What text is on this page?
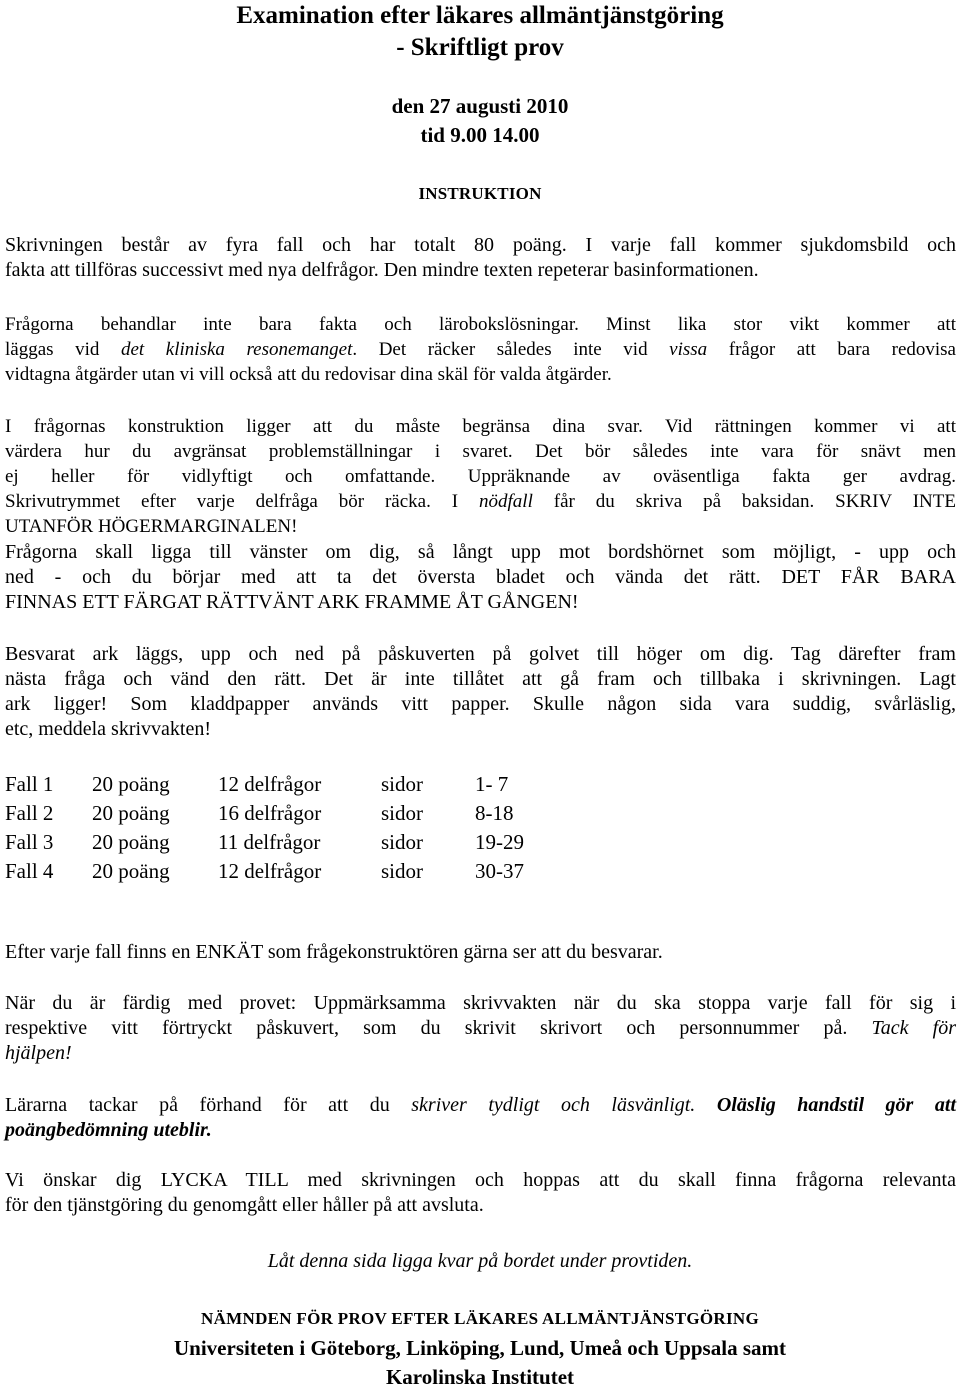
Examination efter läkares allmäntjänstgöring
- Skriftligt prov
den 27 augusti 2010
tid 9.00 14.00
INSTRUKTION
Skrivningen består av fyra fall och har totalt 80 poäng. I varje fall kommer sjukdomsbild och
fakta att tillföras successivt med nya delfrågor. Den mindre texten repeterar basinformationen.
Frågorna behandlar inte bara fakta och lärobokslösningar. Minst lika stor vikt kommer att
läggas vid det kliniska resonemanget. Det räcker således inte vid vissa frågor att bara redovisa
vidtagna åtgärder utan vi vill också att du redovisar dina skäl för valda åtgärder.
I frågornas konstruktion ligger att du måste begränsa dina svar. Vid rättningen kommer vi att
värdera hur du avgränsat problemställningar i svaret. Det bör således inte vara för snävt men
ej heller för vidlyftigt och omfattande. Uppräknande av oväsentliga fakta ger avdrag.
Skrivutrymmet efter varje delfråga bör räcka. I nödfall får du skriva på baksidan. SKRIV INTE
UTANFÖR HÖGERMARGINALEN!
Frågorna skall ligga till vänster om dig, så långt upp mot bordshörnet som möjligt, - upp och
ned - och du börjar med att ta det översta bladet och vända det rätt. DET FÅR BARA
FINNAS ETT FÄRGAT RÄTTVÄNT ARK FRAMME ÅT GÅNGEN!
Besvarat ark läggs, upp och ned på påskuverten på golvet till höger om dig. Tag därefter fram
nästa fråga och vänd den rätt. Det är inte tillåtet att gå fram och tillbaka i skrivningen. Lagt
ark ligger! Som kladdpapper används vitt papper. Skulle någon sida vara suddig, svårläslig,
etc, meddela skrivvakten!
Fall 1	20 poäng	12 delfrågor	sidor	1- 7
Fall 2	20 poäng	16 delfrågor	sidor	8-18
Fall 3	20 poäng	11 delfrågor	sidor	19-29
Fall 4	20 poäng	12 delfrågor	sidor	30-37
Efter varje fall finns en ENKÄT som frågekonstruktören gärna ser att du besvarar.
När du är färdig med provet: Uppmärksamma skrivvakten när du ska stoppa varje fall för sig i
respektive vitt förtryckt påskuvert, som du skrivit skrivort och personnummer på. Tack för
hjälpen!
Lärarna tackar på förhand för att du skriver tydligt och läsvänligt. Oläslig handstil gör att
poängbedömning uteblir.
Vi önskar dig LYCKA TILL med skrivningen och hoppas att du skall finna frågorna relevanta
för den tjänstgöring du genomgått eller håller på att avsluta.
Låt denna sida ligga kvar på bordet under provtiden.
NÄMNDEN FÖR PROV EFTER LÄKARES ALLMÄNTJÄNSTGÖRING
Universiteten i Göteborg, Linköping, Lund, Umeå och Uppsala samt
Karolinska Institutet
